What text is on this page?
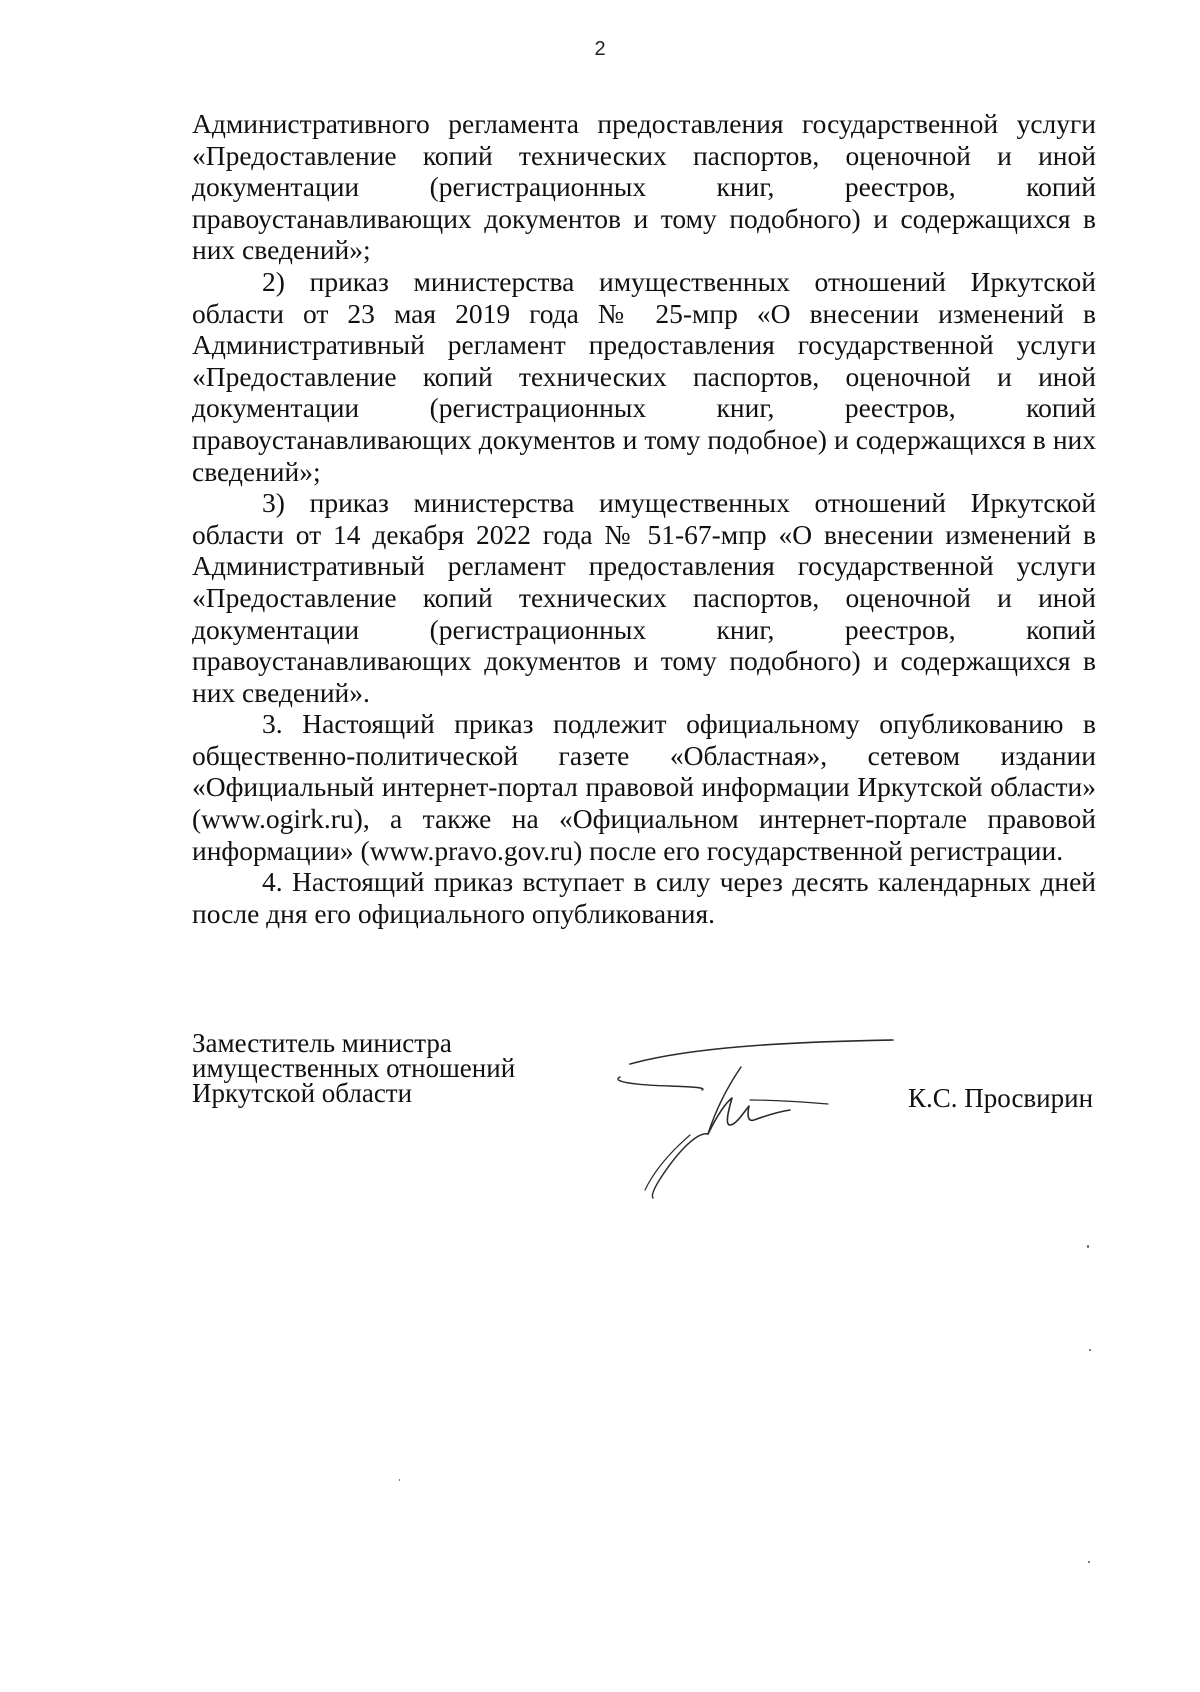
2

Административного регламента предоставления государственной услуги «Предоставление копий технических паспортов, оценочной и иной документации (регистрационных книг, реестров, копий правоустанавливающих документов и тому подобного) и содержащихся в них сведений»;

2) приказ министерства имущественных отношений Иркутской области от 23 мая 2019 года № 25-мпр «О внесении изменений в Административный регламент предоставления государственной услуги «Предоставление копий технических паспортов, оценочной и иной документации (регистрационных книг, реестров, копий правоустанавливающих документов и тому подобное) и содержащихся в них сведений»;

3) приказ министерства имущественных отношений Иркутской области от 14 декабря 2022 года № 51-67-мпр «О внесении изменений в Административный регламент предоставления государственной услуги «Предоставление копий технических паспортов, оценочной и иной документации (регистрационных книг, реестров, копий правоустанавливающих документов и тому подобного) и содержащихся в них сведений».

3. Настоящий приказ подлежит официальному опубликованию в общественно-политической газете «Областная», сетевом издании «Официальный интернет-портал правовой информации Иркутской области» (www.ogirk.ru), а также на «Официальном интернет-портале правовой информации» (www.pravo.gov.ru) после его государственной регистрации.

4. Настоящий приказ вступает в силу через десять календарных дней после дня его официального опубликования.

Заместитель министра
имущественных отношений
Иркутской области	К.С. Просвирин
